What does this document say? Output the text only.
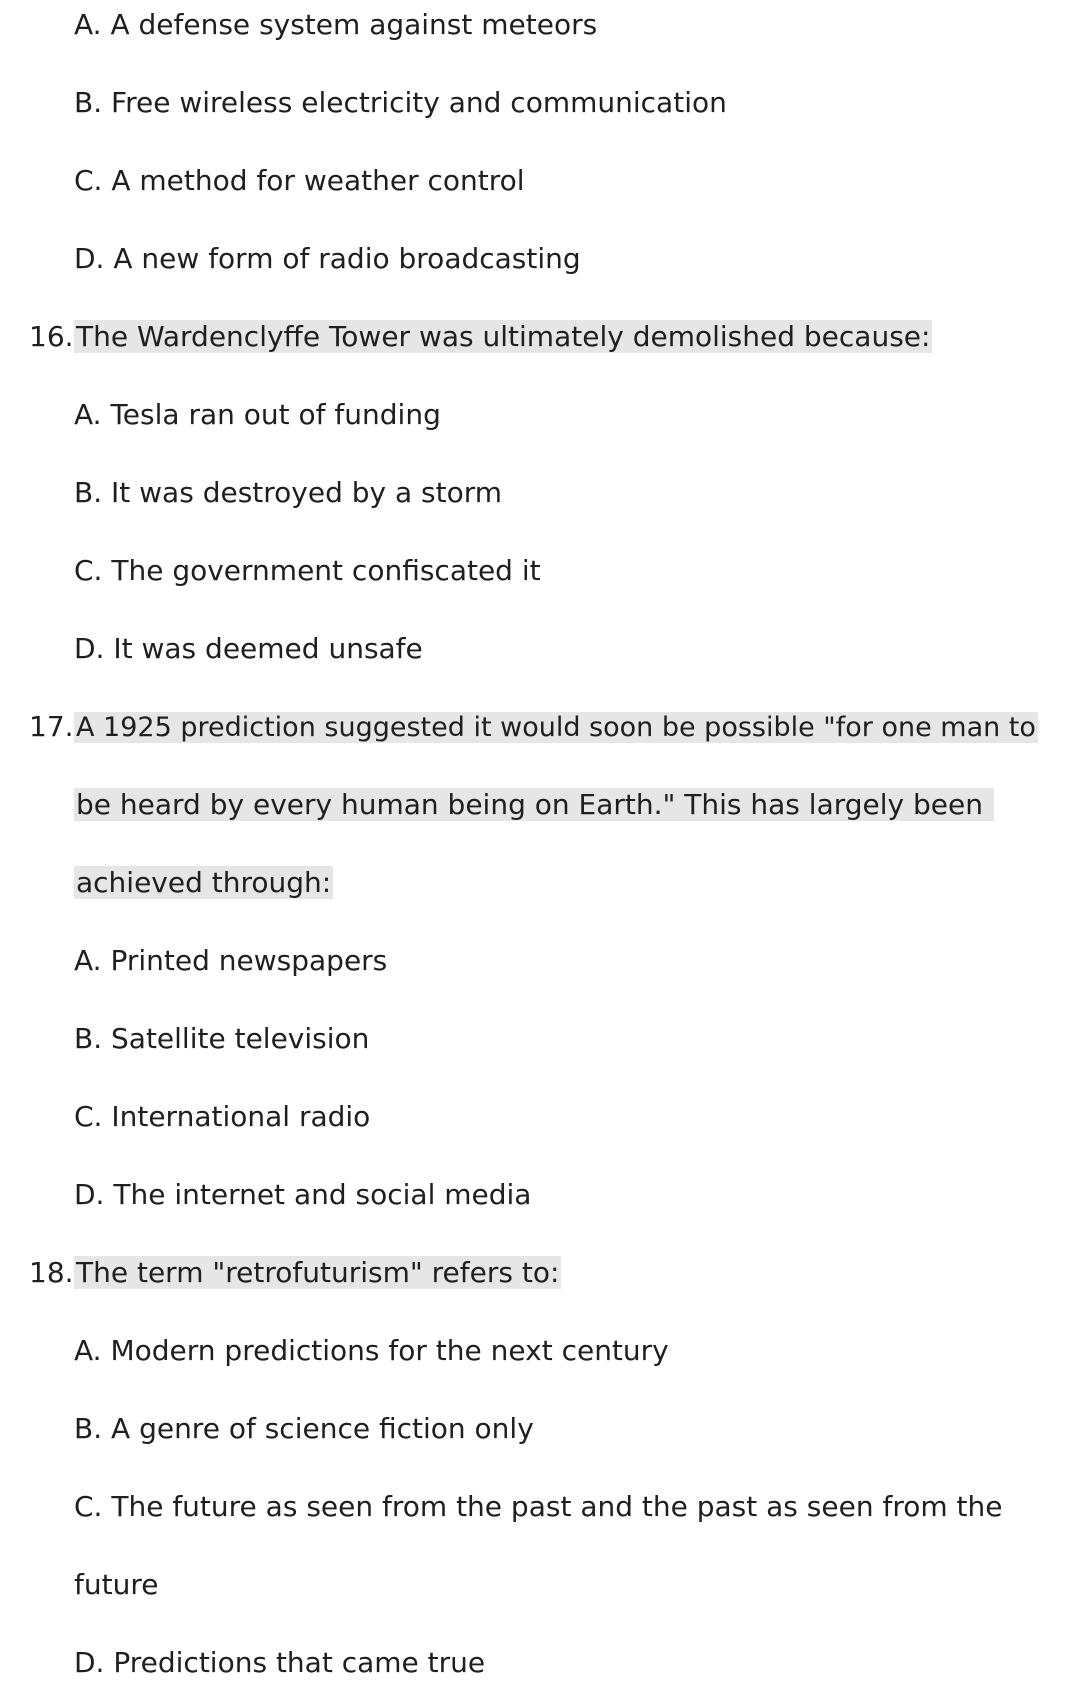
A. A defense system against meteors
B. Free wireless electricity and communication
C. A method for weather control
D. A new form of radio broadcasting
16. The Wardenclyffe Tower was ultimately demolished because:
A. Tesla ran out of funding
B. It was destroyed by a storm
C. The government confiscated it
D. It was deemed unsafe
17. A 1925 prediction suggested it would soon be possible "for one man to
be heard by every human being on Earth." This has largely been
achieved through:
A. Printed newspapers
B. Satellite television
C. International radio
D. The internet and social media
18. The term "retrofuturism" refers to:
A. Modern predictions for the next century
B. A genre of science fiction only
C. The future as seen from the past and the past as seen from the
future
D. Predictions that came true
